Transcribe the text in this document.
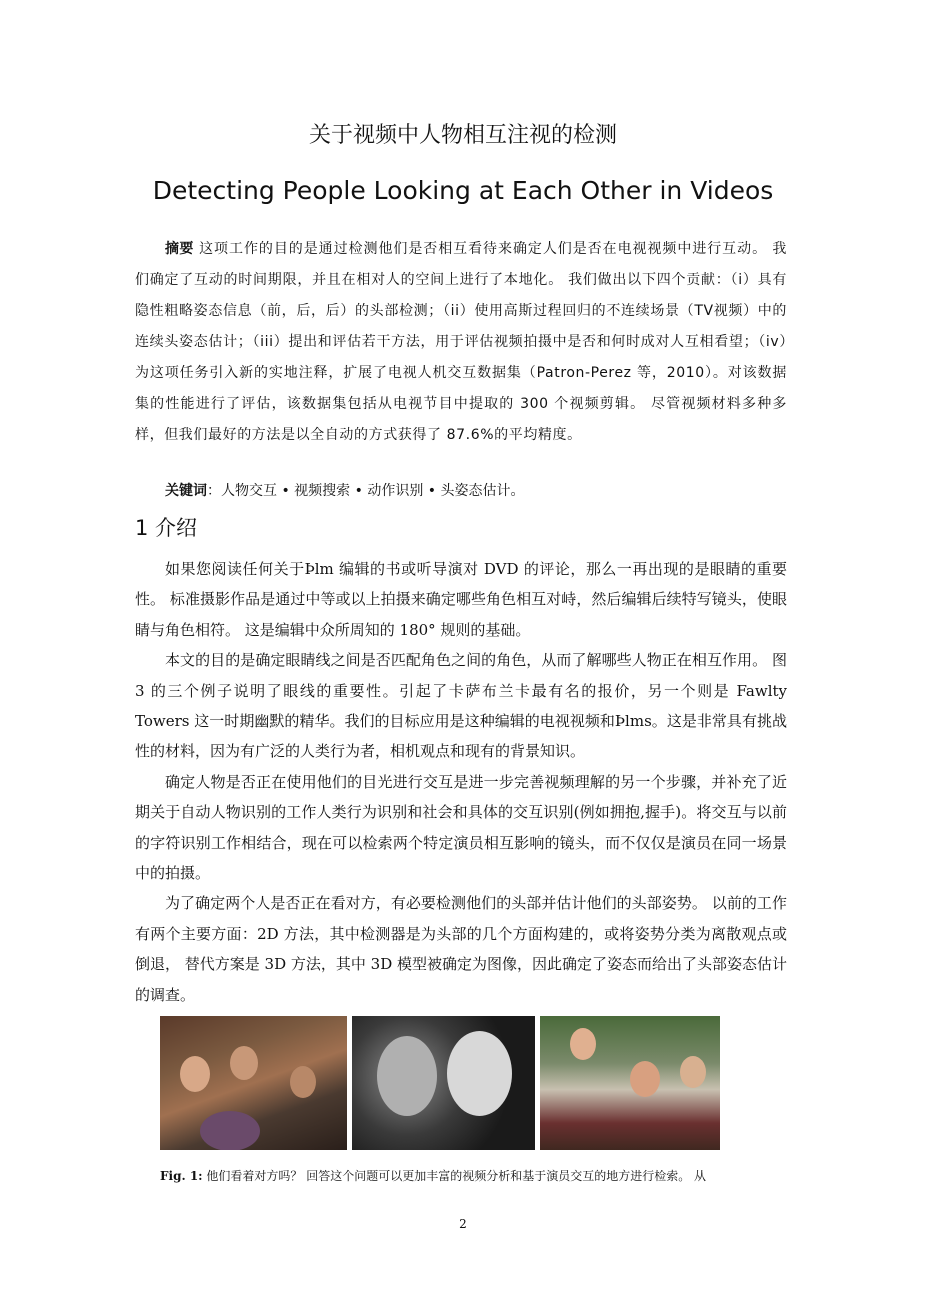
关于视频中人物相互注视的检测
Detecting People Looking at Each Other in Videos
摘要 这项工作的目的是通过检测他们是否相互看待来确定人们是否在电视视频中进行互动。 我们确定了互动的时间期限，并且在相对人的空间上进行了本地化。 我们做出以下四个贡献：（i）具有隐性粗略姿态信息（前，后，后）的头部检测；（ii）使用高斯过程回归的不连续场景（TV视频）中的连续头姿态估计；（iii）提出和评估若干方法，用于评估视频拍摄中是否和何时成对人互相看望；（iv）为这项任务引入新的实地注释，扩展了电视人机交互数据集（Patron-Perez 等，2010）。对该数据集的性能进行了评估，该数据集包括从电视节目中提取的 300 个视频剪辑。 尽管视频材料多种多样，但我们最好的方法是以全自动的方式获得了 87.6%的平均精度。
关键词：人物交互 • 视频搜索 • 动作识别 • 头姿态估计。
1 介绍

如果您阅读任何关于Þlm 编辑的书或听导演对 DVD 的评论，那么一再出现的是眼睛的重要性。 标准摄影作品是通过中等或以上拍摄来确定哪些角色相互对峙，然后编辑后续特写镜头，使眼睛与角色相符。 这是编辑中众所周知的 180° 规则的基础。

本文的目的是确定眼睛线之间是否匹配角色之间的角色，从而了解哪些人物正在相互作用。 图 3 的三个例子说明了眼线的重要性。引起了卡萨布兰卡最有名的报价，另一个则是 Fawlty Towers 这一时期幽默的精华。我们的目标应用是这种编辑的电视视频和Þlms。这是非常具有挑战性的材料，因为有广泛的人类行为者，相机观点和现有的背景知识。

确定人物是否正在使用他们的目光进行交互是进一步完善视频理解的另一个步骤，并补充了近期关于自动人物识别的工作人类行为识别和社会和具体的交互识别(例如拥抱,握手)。将交互与以前的字符识别工作相结合，现在可以检索两个特定演员相互影响的镜头，而不仅仅是演员在同一场景中的拍摄。

为了确定两个人是否正在看对方，有必要检测他们的头部并估计他们的头部姿势。 以前的工作有两个主要方面：2D 方法，其中检测器是为头部的几个方面构建的，或将姿势分类为离散观点或倒退， 替代方案是 3D 方法，其中 3D 模型被确定为图像，因此确定了姿态而给出了头部姿态估计的调查。

Fig. 1: 他们看着对方吗？ 回答这个问题可以更加丰富的视频分析和基于演员交互的地方进行检索。 从
2
